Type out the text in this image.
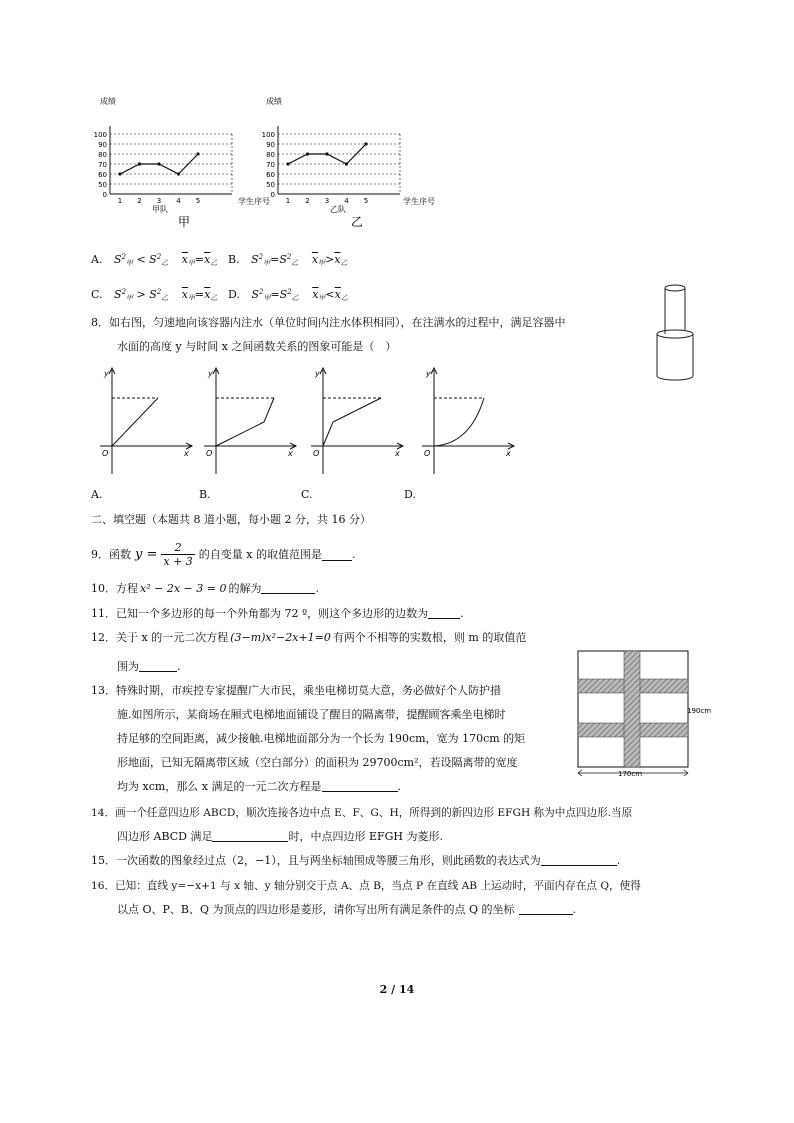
成绩
0
50
60
70
80
90
100
1 2 3 4 5	学生序号
甲队
甲
成绩
0
50
60
70
80
90
100
1 2 3 4 5	学生序号
乙队
乙
A. $S^2_甲 < S^2_乙$ $\overline{x}_甲=\overline{x}_乙$ B. $S^2_甲=S^2_乙$ $\overline{x}_甲>\overline{x}_乙$
C. $S^2_甲 > S^2_乙$ $\overline{x}_甲=\overline{x}_乙$ D. $S^2_甲=S^2_乙$ $\overline{x}_甲<\overline{x}_乙$
8．如右图，匀速地向该容器内注水（单位时间内注水体积相同），在注满水的过程中，满足容器中
水面的高度 y 与时间 x 之间函数关系的图象可能是（　）
y
x
O
y
x
O
y
x
O
y
x
O
A.	B.	C.	D.
二、填空题（本题共 8 道小题，每小题 2 分，共 16 分）
9．函数 $y = \frac{2}{x + 3}$ 的自变量 x 的取值范围是	.
10．方程 x² − 2x − 3 = 0 的解为	.
11．已知一个多边形的每一个外角都为 72 º，则这个多边形的边数为	.
12．关于 x 的一元二次方程 (3−m)x²−2x+1=0 有两个不相等的实数根，则 m 的取值范
围为	.
13．特殊时期，市疾控专家提醒广大市民，乘坐电梯切莫大意，务必做好个人防护措
施.如图所示，某商场在厢式电梯地面铺设了醒目的隔离带，提醒顾客乘坐电梯时
持足够的空间距离，减少接触.电梯地面部分为一个长为 190cm，宽为 170cm 的矩
形地面，已知无隔离带区域（空白部分）的面积为 29700cm²，若设隔离带的宽度
均为 xcm，那么 x 满足的一元二次方程是	.
170cm
190cm
14．画一个任意四边形 ABCD，顺次连接各边中点 E、F、G、H，所得到的新四边形 EFGH 称为中点四边形.当原
四边形 ABCD 满足	时，中点四边形 EFGH 为菱形.
15．一次函数的图象经过点（2，−1），且与两坐标轴围成等腰三角形，则此函数的表达式为	.
16．已知：直线 y=−x+1 与 x 轴、y 轴分别交于点 A、点 B，当点 P 在直线 AB 上运动时，平面内存在点 Q，使得
以点 O、P、B、Q 为顶点的四边形是菱形，请你写出所有满足条件的点 Q 的坐标	.
2 / 14
